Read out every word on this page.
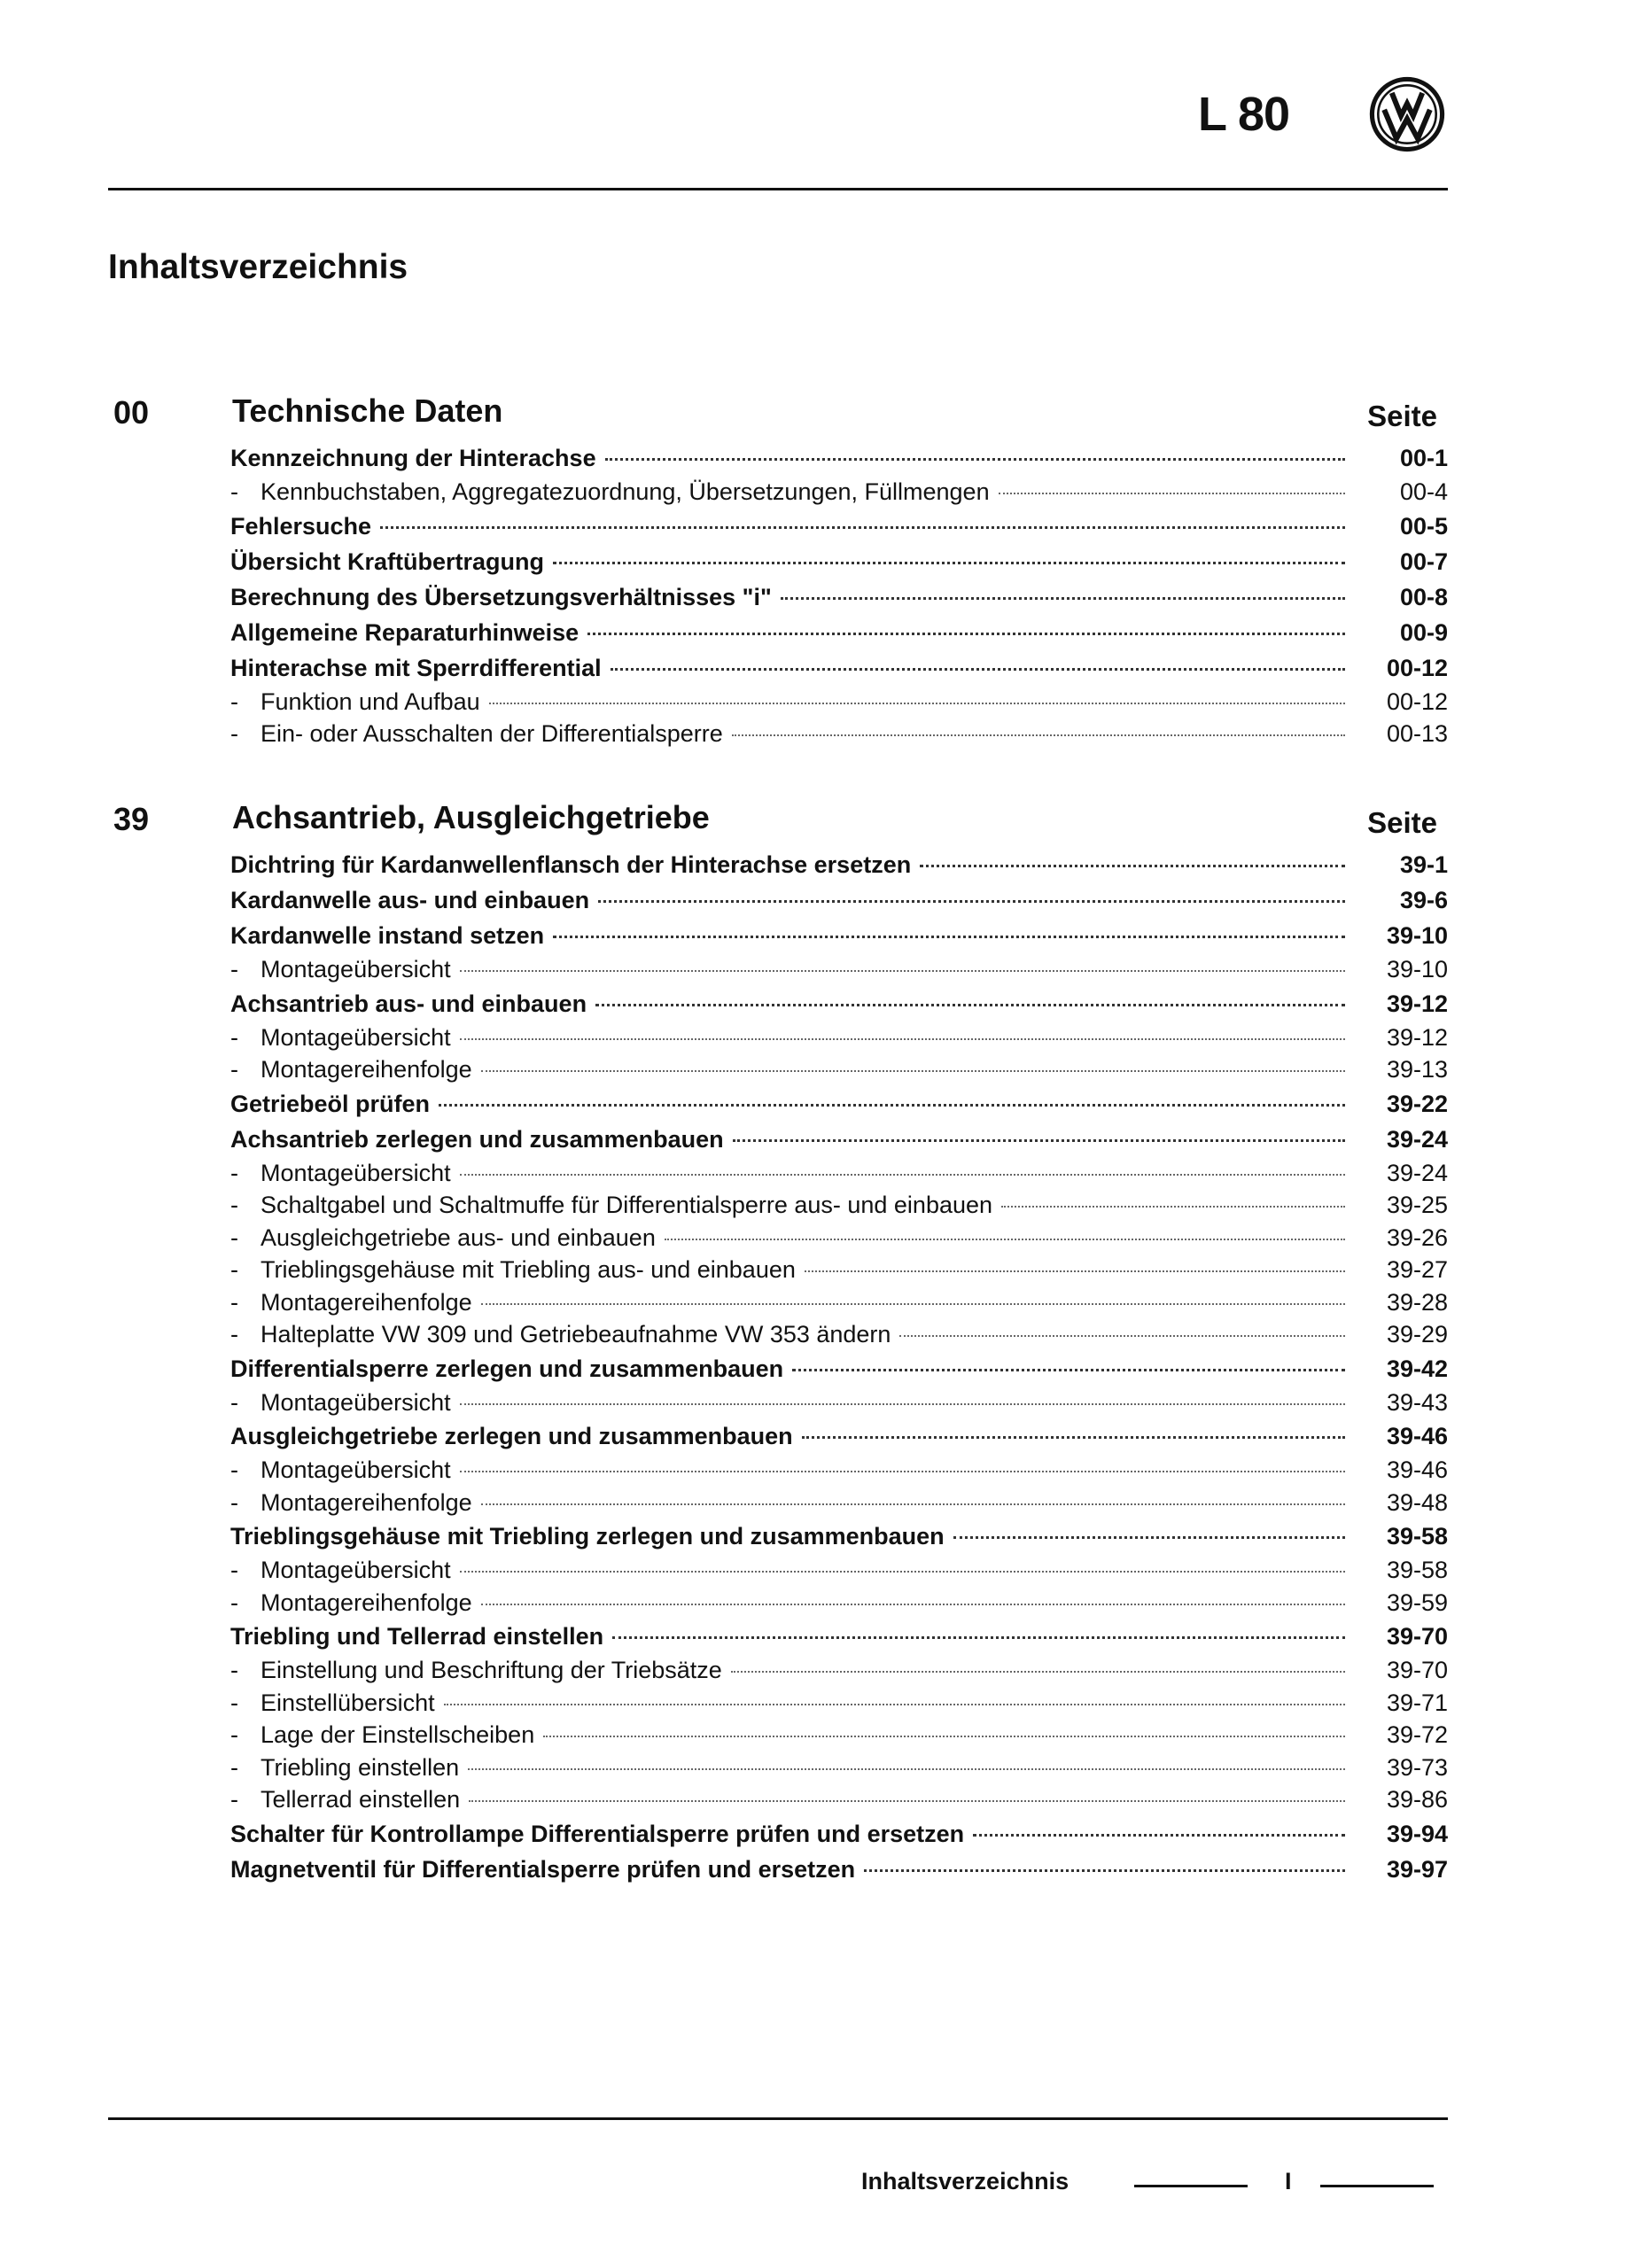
L 80
Inhaltsverzeichnis
00	Technische Daten	Seite
Kennzeichnung der Hinterachse	00-1
- Kennbuchstaben, Aggregatezuordnung, Übersetzungen, Füllmengen	00-4
Fehlersuche	00-5
Übersicht Kraftübertragung	00-7
Berechnung des Übersetzungsverhältnisses "i"	00-8
Allgemeine Reparaturhinweise	00-9
Hinterachse mit Sperrdifferential	00-12
- Funktion und Aufbau	00-12
- Ein- oder Ausschalten der Differentialsperre	00-13
39	Achsantrieb, Ausgleichgetriebe	Seite
Dichtring für Kardanwellenflansch der Hinterachse ersetzen	39-1
Kardanwelle aus- und einbauen	39-6
Kardanwelle instand setzen	39-10
- Montageübersicht	39-10
Achsantrieb aus- und einbauen	39-12
- Montageübersicht	39-12
- Montagereihenfolge	39-13
Getriebeöl prüfen	39-22
Achsantrieb zerlegen und zusammenbauen	39-24
- Montageübersicht	39-24
- Schaltgabel und Schaltmuffe für Differentialsperre aus- und einbauen	39-25
- Ausgleichgetriebe aus- und einbauen	39-26
- Trieblingsgehäuse mit Triebling aus- und einbauen	39-27
- Montagereihenfolge	39-28
- Halteplatte VW 309 und Getriebeaufnahme VW 353 ändern	39-29
Differentialsperre zerlegen und zusammenbauen	39-42
- Montageübersicht	39-43
Ausgleichgetriebe zerlegen und zusammenbauen	39-46
- Montageübersicht	39-46
- Montagereihenfolge	39-48
Trieblingsgehäuse mit Triebling zerlegen und zusammenbauen	39-58
- Montageübersicht	39-58
- Montagereihenfolge	39-59
Triebling und Tellerrad einstellen	39-70
- Einstellung und Beschriftung der Triebsätze	39-70
- Einstellübersicht	39-71
- Lage der Einstellscheiben	39-72
- Triebling einstellen	39-73
- Tellerrad einstellen	39-86
Schalter für Kontrollampe Differentialsperre prüfen und ersetzen	39-94
Magnetventil für Differentialsperre prüfen und ersetzen	39-97
Inhaltsverzeichnis	I
